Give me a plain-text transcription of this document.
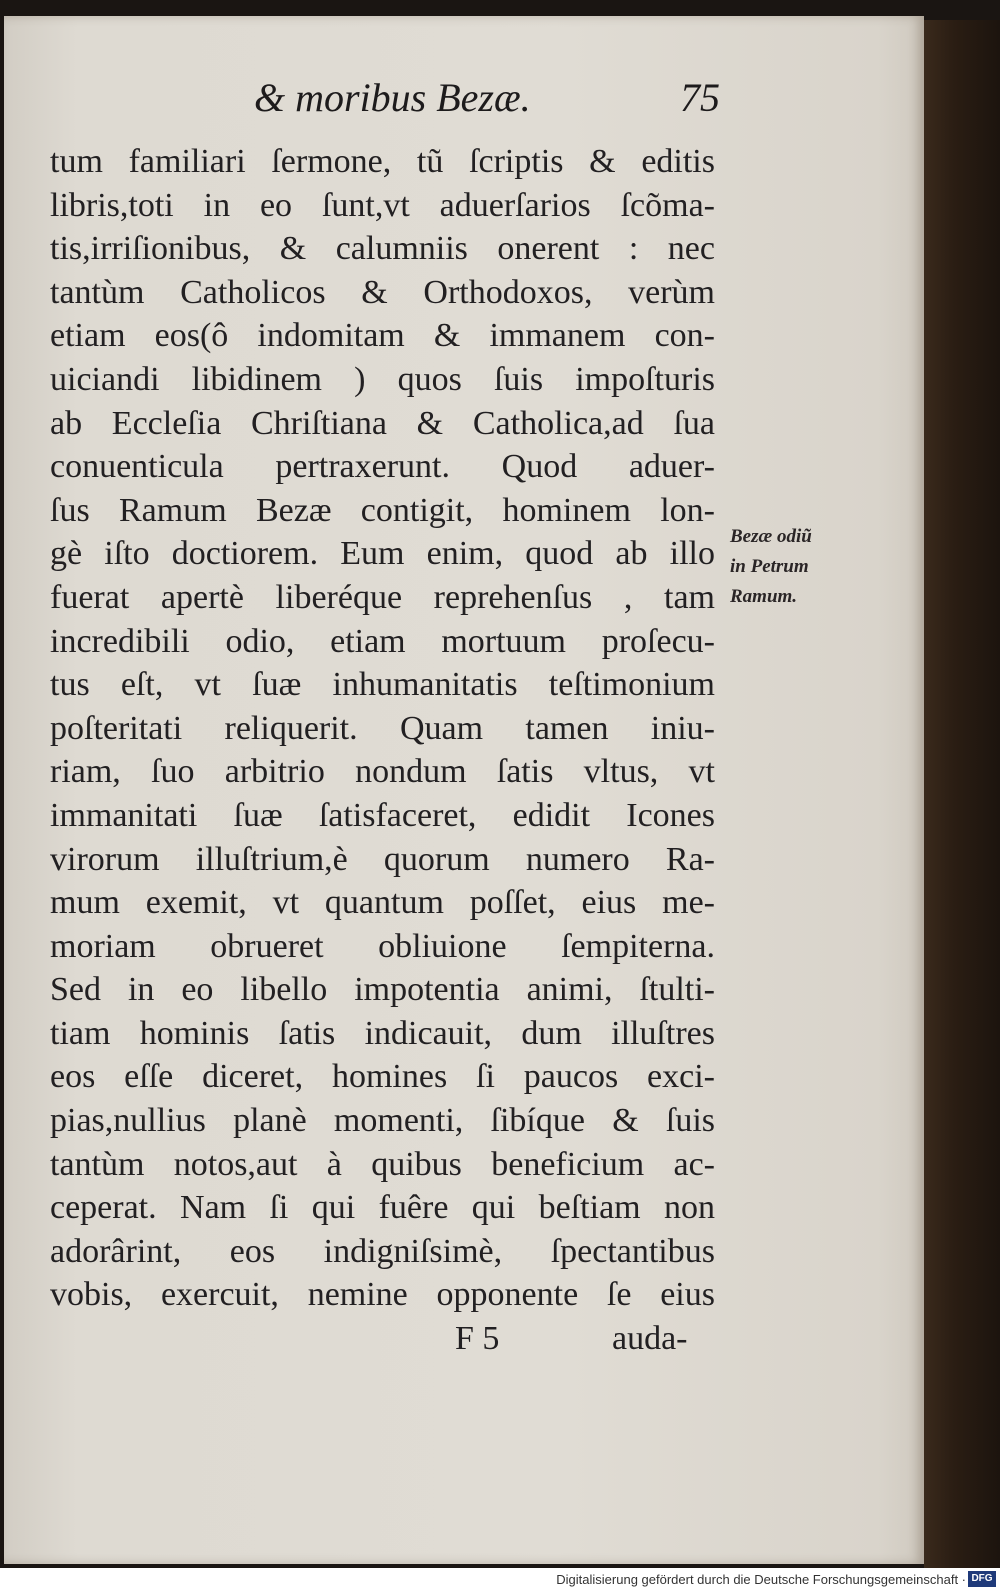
& moribus Bezæ.	75
tum familiari ſermone, tũ ſcriptis & editis
libris,toti in eo ſunt,vt aduerſarios ſcõma-
tis,irriſionibus, & calumniis onerent : nec
tantùm Catholicos & Orthodoxos, verùm
etiam eos(ô indomitam & immanem con-
uiciandi libidinem ) quos ſuis impoſturis
ab Eccleſia Chriſtiana & Catholica,ad ſua
conuenticula pertraxerunt. Quod aduer-
ſus Ramum Bezæ contigit, hominem lon-
gè iſto doctiorem. Eum enim, quod ab illo
fuerat apertè liberéque reprehenſus , tam
incredibili odio, etiam mortuum proſecu-
tus eſt, vt ſuæ inhumanitatis teſtimonium
poſteritati reliquerit. Quam tamen iniu-
riam, ſuo arbitrio nondum ſatis vltus, vt
immanitati ſuæ ſatisfaceret, edidit Icones
virorum illuſtrium,è quorum numero Ra-
mum exemit, vt quantum poſſet, eius me-
moriam obrueret obliuione ſempiterna.
Sed in eo libello impotentia animi, ſtulti-
tiam hominis ſatis indicauit, dum illuſtres
eos eſſe diceret, homines ſi paucos exci-
pias,nullius planè momenti, ſibíque & ſuis
tantùm notos,aut à quibus beneficium ac-
ceperat. Nam ſi qui fuêre qui beſtiam non
adorârint, eos indigniſsimè, ſpectantibus
vobis, exercuit, nemine opponente ſe eius
Bezæ odiũ
in Petrum
Ramum.
F 5	auda-
Digitalisierung gefördert durch die Deutsche Forschungsgemeinschaft · DFG
